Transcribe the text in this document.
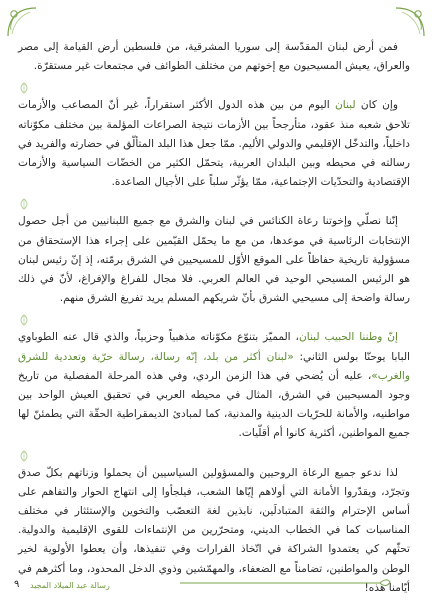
فمن أرض لبنان المقدّسة إلى سوريا المشرقية، من فلسطين أرض القيامة إلى مصر والعراق، يعيش المسيحيون مع إخوتهم من مختلف الطوائف في مجتمعات غير مستقرّة.

وإن كان لبنان اليوم من بين هذه الدول الأكثر استقراراً، غير أنّ المصاعب والأزمات تلاحق شعبه منذ عقود، متأرجحاً بين الأزمات نتيجة الصراعات المؤلمة بين مختلف مكوّناته داخلياً، والتدخّل الإقليمي والدولي الأليم. ممّا جعل هذا البلد المتألّق في حضارته والفريد في رسالته في محيطه وبين البلدان العربية، يتحمّل الكثير من الخضّات السياسية والأزمات الإقتصادية والتحدّيات الإجتماعية، ممّا يؤثّر سلباً على الأجيال الصاعدة.

إنّنا نصلّي وإخوتنا رعاة الكنائس في لبنان والشرق مع جميع اللبنانيين من أجل حصول الإنتخابات الرئاسية في موعدها، من مع ما يحمّل القيّمين على إجراء هذا الإستحقاق من مسؤولية تاريخية حفاظاً على الموقع الأوّل للمسيحيين في الشرق برمّته، إذ إنّ رئيس لبنان هو الرئيس المسيحي الوحيد في العالم العربي. فلا مجال للفراغ والإفراغ، لأنّ في ذلك رسالة واضحة إلى مسيحيي الشرق بأنّ شريكهم المسلم يريد تفريغ الشرق منهم.

إنّ وطننا الحبيب لبنان، المميّز بتنوّع مكوّناته مذهبياً وحزبياً، والذي قال عنه الطوباوي البابا يوحنّا بولس الثاني: «لبنان أكثر من بلد، إنّه رسالة، رسالة حرّية وتعددية للشرق والغرب»، عليه أن يُضحي في هذا الزمن الردي، وفي هذه المرحلة المفصلية من تاريخ وجود المسيحيين في الشرق، المثال في محيطه العربي في تحقيق العيش الواحد بين مواطنيه، والأمانة للحرّيات الدينية والمدنية، كما لمبادئ الديمقراطية الحقّة التي يطمئنّ لها جميع المواطنين، أكثرية كانوا أم أقلّيات.

لذا ندعو جميع الرعاة الروحيين والمسؤولين السياسيين أن يحملوا وزناتهم بكلّ صدق وتجرّد، ويقدّروا الأمانة التي أولاهم إيّاها الشعب، فيلجأوا إلى انتهاج الحوار والتفاهم على أساس الإحترام والثقة المتبادلَين، نابذين لغة التعصّب والتخوين والإستئثار في مختلف المناسبات كما في الخطاب الديني، ومتحرّرين من الإنتماءات للقوى الإقليمية والدولية. تحثّهم كي يعتمدوا الشراكة في اتّخاذ القرارات وفي تنفيذها، وأن يعطوا الأولوية لخير الوطن والمواطنين، تضامناً مع الضعفاء، والمهمّشين وذوي الدخل المحدود، وما أكثرهم في أيّامنا هذه!

٩ رسالة عيد الميلاد المجيد
